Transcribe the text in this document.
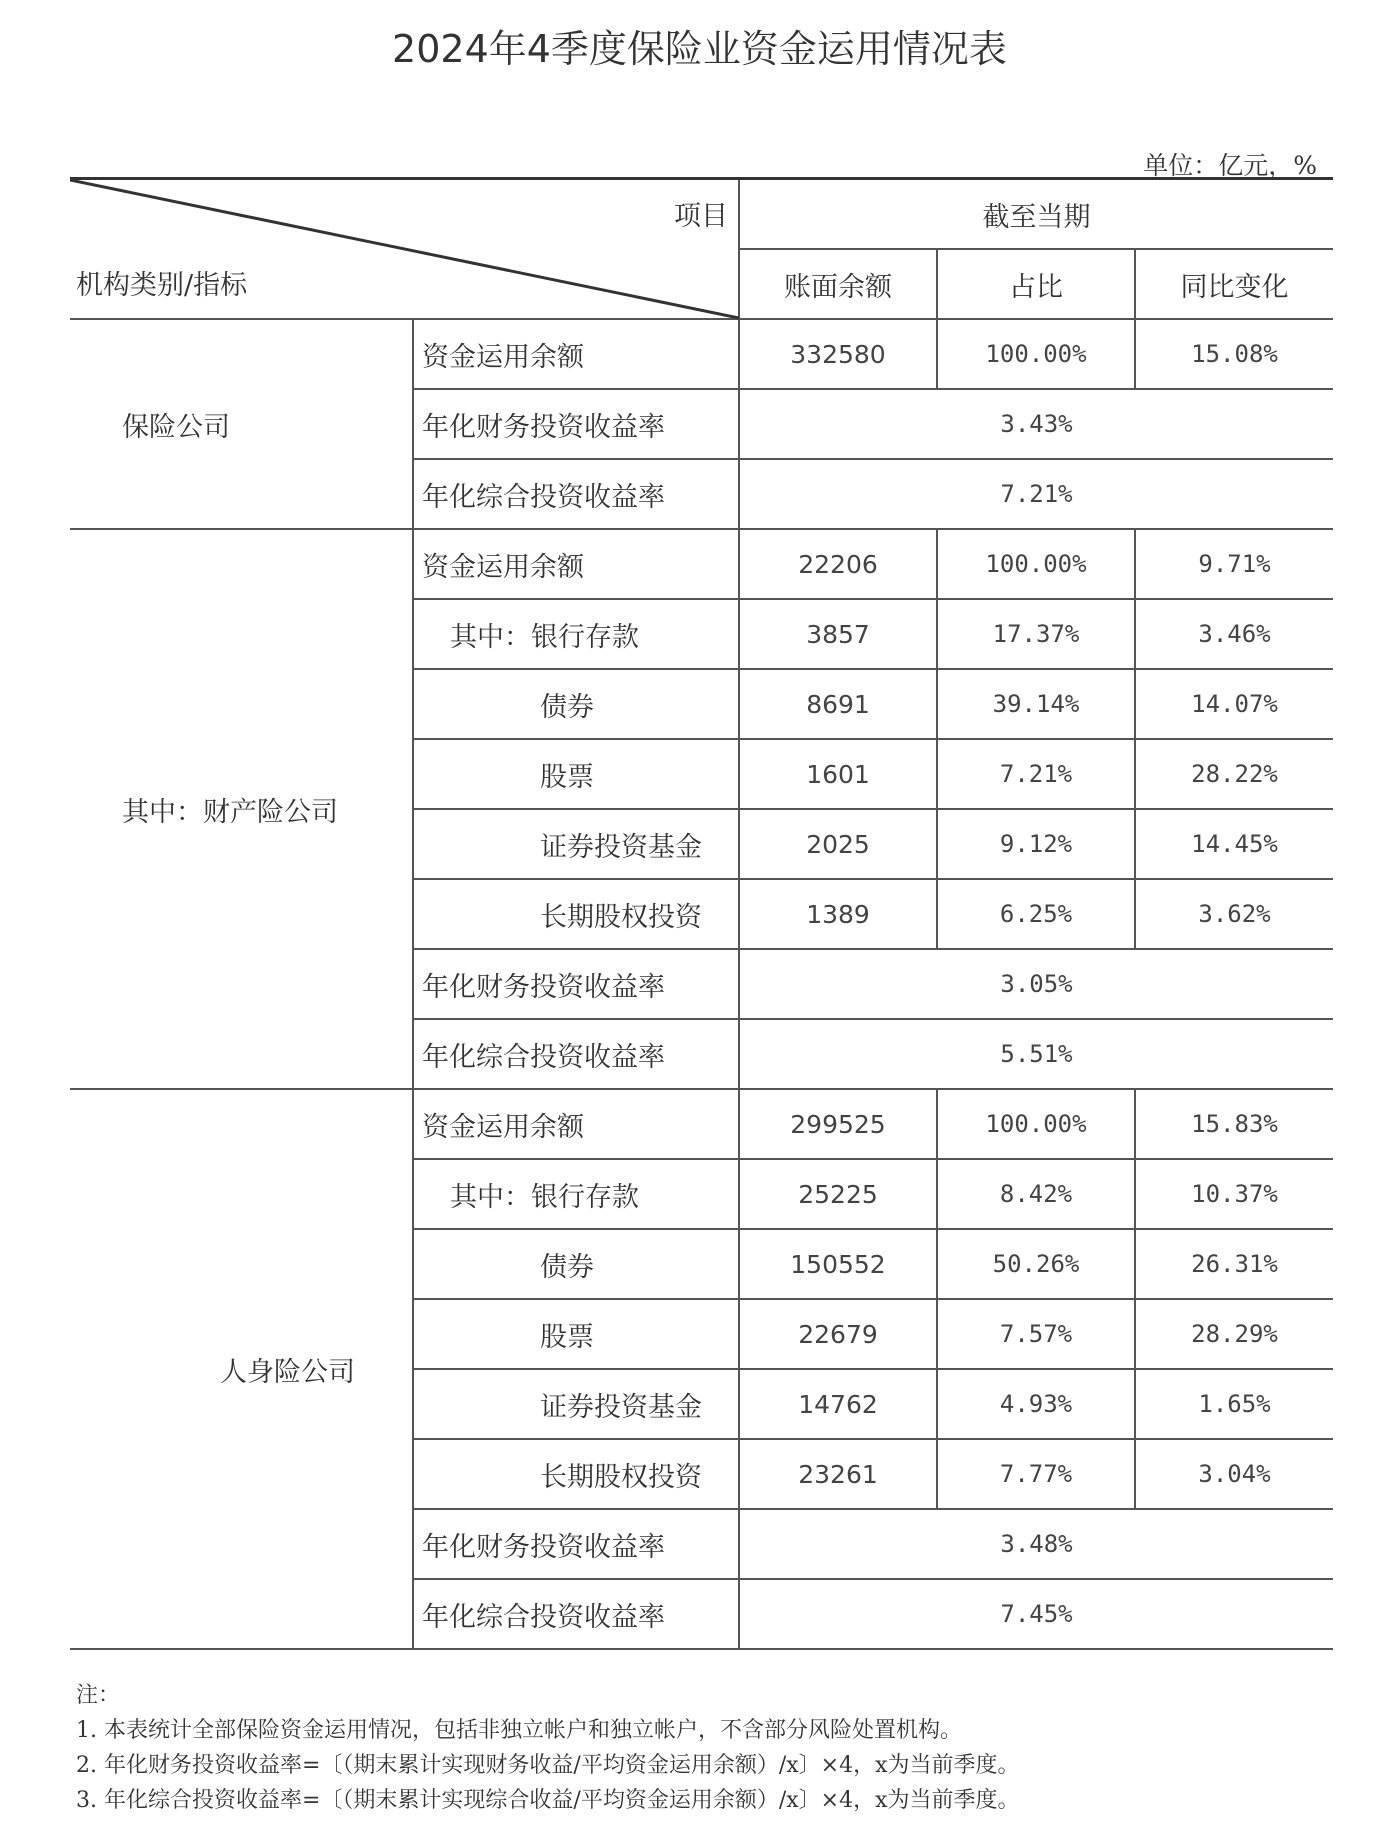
2024年4季度保险业资金运用情况表
单位：亿元，%
项目
机构类别/指标		截至当期		
		账面余额	占比	同比变化
保险公司	资金运用余额	332580	100.00%	15.08%
	年化财务投资收益率	3.43%		
	年化综合投资收益率	7.21%		
其中：财产险公司	资金运用余额	22206	100.00%	9.71%
	其中：银行存款	3857	17.37%	3.46%
	债券	8691	39.14%	14.07%
	股票	1601	7.21%	28.22%
	证券投资基金	2025	9.12%	14.45%
	长期股权投资	1389	6.25%	3.62%
	年化财务投资收益率	3.05%		
	年化综合投资收益率	5.51%		
人身险公司	资金运用余额	299525	100.00%	15.83%
	其中：银行存款	25225	8.42%	10.37%
	债券	150552	50.26%	26.31%
	股票	22679	7.57%	28.29%
	证券投资基金	14762	4.93%	1.65%
	长期股权投资	23261	7.77%	3.04%
	年化财务投资收益率	3.48%		
	年化综合投资收益率	7.45%		
注：
1. 本表统计全部保险资金运用情况，包括非独立帐户和独立帐户，不含部分风险处置机构。
2. 年化财务投资收益率=〔（期末累计实现财务收益/平均资金运用余额）/x〕×4，x为当前季度。
3. 年化综合投资收益率=〔（期末累计实现综合收益/平均资金运用余额）/x〕×4，x为当前季度。
